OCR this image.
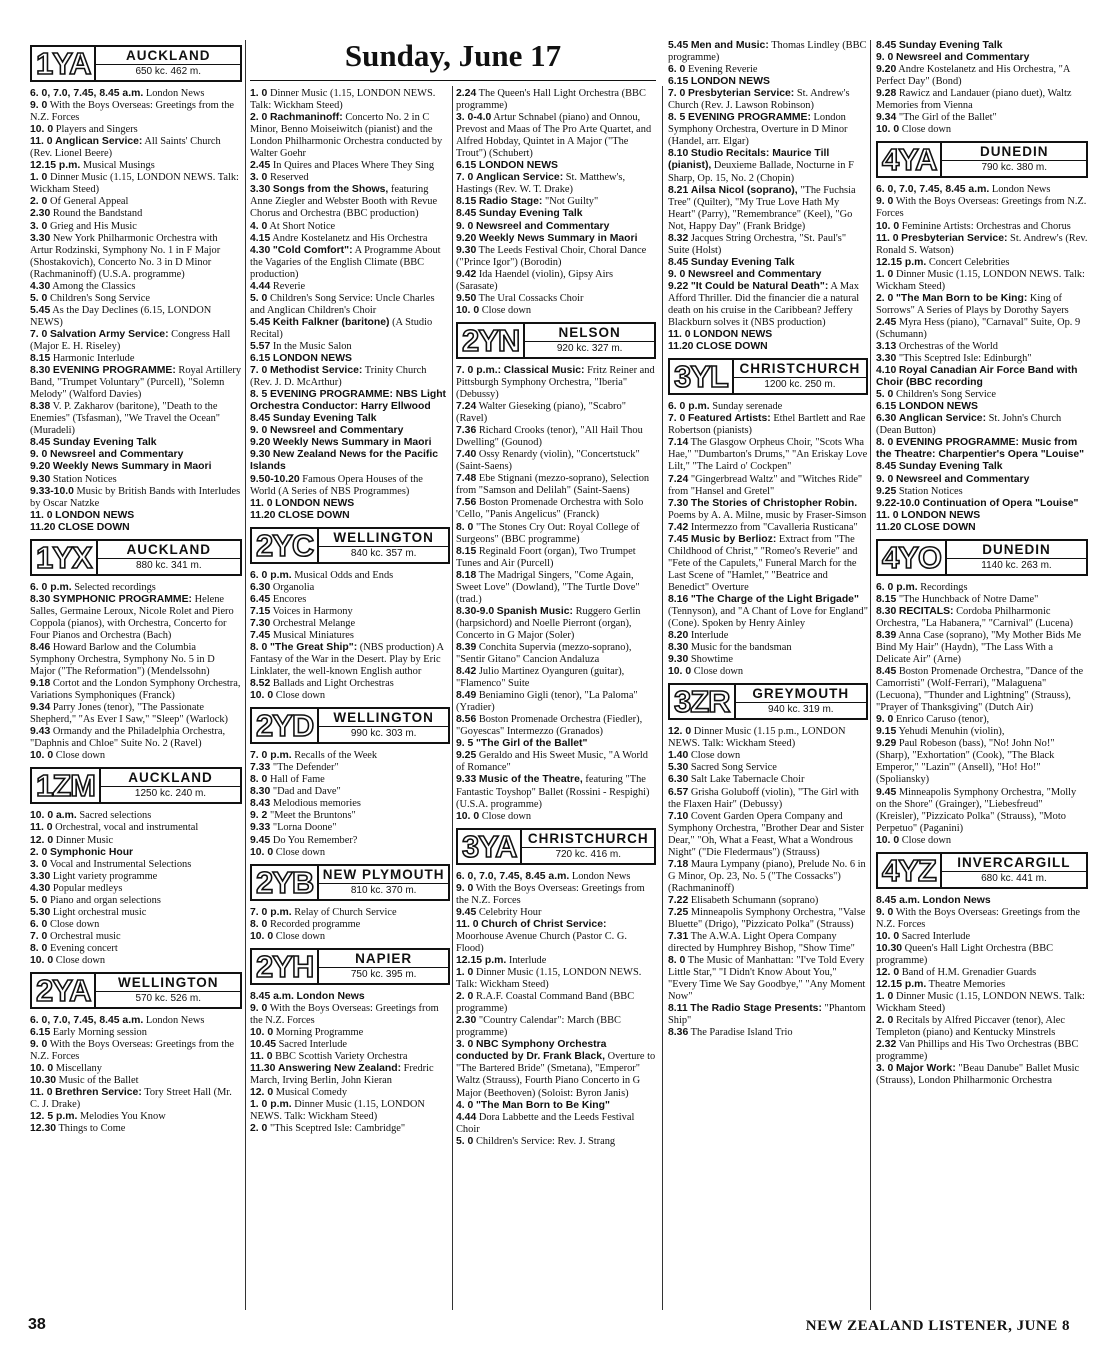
Sunday, June 17
1YA	AUCKLAND
650 kc. 462 m.

6. 0, 7.0, 7.45, 8.45 a.m. London News

9. 0 With the Boys Overseas: Greetings from the N.Z. Forces

10. 0 Players and Singers

11. 0 Anglican Service: All Saints' Church (Rev. Lionel Beere)

12.15 p.m. Musical Musings

1. 0 Dinner Music (1.15, LONDON NEWS. Talk: Wickham Steed)

2. 0 Of General Appeal

2.30 Round the Bandstand

3. 0 Grieg and His Music

3.30 New York Philharmonic Orchestra with Artur Rodzinski, Symphony No. 1 in F Major (Shostakovich), Concerto No. 3 in D Minor (Rachmaninoff) (U.S.A. programme)

4.30 Among the Classics

5. 0 Children's Song Service

5.45 As the Day Declines (6.15, LONDON NEWS)

7. 0 Salvation Army Service: Congress Hall (Major E. H. Riseley)

8.15 Harmonic Interlude

8.30 EVENING PROGRAMME: Royal Artillery Band, "Trumpet Voluntary" (Purcell), "Solemn Melody" (Walford Davies)

8.38 V. P. Zakharov (baritone), "Death to the Enemies" (Tsfasman), "We Travel the Ocean" (Muradeli)

8.45 Sunday Evening Talk

9. 0 Newsreel and Commentary

9.20 Weekly News Summary in Maori

9.30 Station Notices

9.33-10.0 Music by British Bands with Interludes by Oscar Natzke

11. 0 LONDON NEWS

11.20 CLOSE DOWN

1YX	AUCKLAND
880 kc. 341 m.

6. 0 p.m. Selected recordings

8.30 SYMPHONIC PROGRAMME: Helene Salles, Germaine Leroux, Nicole Rolet and Piero Coppola (pianos), with Orchestra, Concerto for Four Pianos and Orchestra (Bach)

8.46 Howard Barlow and the Columbia Symphony Orchestra, Symphony No. 5 in D Major ("The Reformation") (Mendelssohn)

9.18 Cortot and the London Symphony Orchestra, Variations Symphoniques (Franck)

9.34 Parry Jones (tenor), "The Passionate Shepherd," "As Ever I Saw," "Sleep" (Warlock)

9.43 Ormandy and the Philadelphia Orchestra, "Daphnis and Chloe" Suite No. 2 (Ravel)

10. 0 Close down

1ZM	AUCKLAND
1250 kc. 240 m.

10. 0 a.m. Sacred selections

11. 0 Orchestral, vocal and instrumental

12. 0 Dinner Music

2. 0 Symphonic Hour

3. 0 Vocal and Instrumental Selections

3.30 Light variety programme

4.30 Popular medleys

5. 0 Piano and organ selections

5.30 Light orchestral music

6. 0 Close down

7. 0 Orchestral music

8. 0 Evening concert

10. 0 Close down

2YA	WELLINGTON
570 kc. 526 m.

6. 0, 7.0, 7.45, 8.45 a.m. London News

6.15 Early Morning session

9. 0 With the Boys Overseas: Greetings from the N.Z. Forces

10. 0 Miscellany

10.30 Music of the Ballet

11. 0 Brethren Service: Tory Street Hall (Mr. C. J. Drake)

12. 5 p.m. Melodies You Know

12.30 Things to Come

1. 0 Dinner Music (1.15, LONDON NEWS. Talk: Wickham Steed)

2. 0 Rachmaninoff: Concerto No. 2 in C Minor, Benno Moiseiwitch (pianist) and the London Philharmonic Orchestra conducted by Walter Goehr

2.45 In Quires and Places Where They Sing

3. 0 Reserved

3.30 Songs from the Shows, featuring Anne Ziegler and Webster Booth with Revue Chorus and Orchestra (BBC production)

4. 0 At Short Notice

4.15 Andre Kostelanetz and His Orchestra

4.30 "Cold Comfort": A Programme About the Vagaries of the English Climate (BBC production)

4.44 Reverie

5. 0 Children's Song Service: Uncle Charles and Anglican Children's Choir

5.45 Keith Falkner (baritone) (A Studio Recital)

5.57 In the Music Salon

6.15 LONDON NEWS

7. 0 Methodist Service: Trinity Church (Rev. J. D. McArthur)

8. 5 EVENING PROGRAMME: NBS Light Orchestra Conductor: Harry Ellwood

8.45 Sunday Evening Talk

9. 0 Newsreel and Commentary

9.20 Weekly News Summary in Maori

9.30 New Zealand News for the Pacific Islands

9.50-10.20 Famous Opera Houses of the World (A Series of NBS Programmes)

11. 0 LONDON NEWS

11.20 CLOSE DOWN

2YC	WELLINGTON
840 kc. 357 m.

6. 0 p.m. Musical Odds and Ends

6.30 Organolia

6.45 Encores

7.15 Voices in Harmony

7.30 Orchestral Melange

7.45 Musical Miniatures

8. 0 "The Great Ship": (NBS production) A Fantasy of the War in the Desert. Play by Eric Linklater, the well-known English author

8.52 Ballads and Light Orchestras

10. 0 Close down

2YD	WELLINGTON
990 kc. 303 m.

7. 0 p.m. Recalls of the Week

7.33 "The Defender"

8. 0 Hall of Fame

8.30 "Dad and Dave"

8.43 Melodious memories

9. 2 "Meet the Bruntons"

9.33 "Lorna Doone"

9.45 Do You Remember?

10. 0 Close down

2YB NEW PLYMOUTH
810 kc. 370 m.

7. 0 p.m. Relay of Church Service

8. 0 Recorded programme

10. 0 Close down

2YH	NAPIER
750 kc. 395 m.

8.45 a.m. London News

9. 0 With the Boys Overseas: Greetings from the N.Z. Forces

10. 0 Morning Programme

10.45 Sacred Interlude

11. 0 BBC Scottish Variety Orchestra

11.30 Answering New Zealand: Fredric March, Irving Berlin, John Kieran

12. 0 Musical Comedy

1. 0 p.m. Dinner Music (1.15, LONDON NEWS. Talk: Wickham Steed)

2. 0 "This Sceptred Isle: Cambridge"

2.24 The Queen's Hall Light Orchestra (BBC programme)

3. 0-4.0 Artur Schnabel (piano) and Onnou, Prevost and Maas of The Pro Arte Quartet, and Alfred Hobday, Quintet in A Major ("The Trout") (Schubert)

6.15 LONDON NEWS

7. 0 Anglican Service: St. Matthew's, Hastings (Rev. W. T. Drake)

8.15 Radio Stage: "Not Guilty"

8.45 Sunday Evening Talk

9. 0 Newsreel and Commentary

9.20 Weekly News Summary in Maori

9.30 The Leeds Festival Choir, Choral Dance ("Prince Igor") (Borodin)

9.42 Ida Haendel (violin), Gipsy Airs (Sarasate)

9.50 The Ural Cossacks Choir

10. 0 Close down

2YN	NELSON
920 kc. 327 m.

7. 0 p.m.: Classical Music: Fritz Reiner and Pittsburgh Symphony Orchestra, "Iberia" (Debussy)

7.24 Walter Gieseking (piano), "Scabro" (Ravel)

7.36 Richard Crooks (tenor), "All Hail Thou Dwelling" (Gounod)

7.40 Ossy Renardy (violin), "Concertstuck" (Saint-Saens)

7.48 Ebe Stignani (mezzo-soprano), Selection from "Samson and Delilah" (Saint-Saens)

7.56 Boston Promenade Orchestra with Solo 'Cello, "Panis Angelicus" (Franck)

8. 0 "The Stones Cry Out: Royal College of Surgeons" (BBC programme)

8.15 Reginald Foort (organ), Two Trumpet Tunes and Air (Purcell)

8.18 The Madrigal Singers, "Come Again, Sweet Love" (Dowland), "The Turtle Dove" (trad.)

8.30-9.0 Spanish Music: Ruggero Gerlin (harpsichord) and Noelle Pierront (organ), Concerto in G Major (Soler)

8.39 Conchita Supervia (mezzo-soprano), "Sentir Gitano" Cancion Andaluza

8.42 Julio Martinez Oyanguren (guitar), "Flamenco" Suite

8.49 Beniamino Gigli (tenor), "La Paloma" (Yradier)

8.56 Boston Promenade Orchestra (Fiedler), "Goyescas" Intermezzo (Granados)

9. 5 "The Girl of the Ballet"

9.25 Geraldo and His Sweet Music, "A World of Romance"

9.33 Music of the Theatre, featuring "The Fantastic Toyshop" Ballet (Rossini - Respighi) (U.S.A. programme)

10. 0 Close down

3YA CHRISTCHURCH
720 kc. 416 m.

6. 0, 7.0, 7.45, 8.45 a.m. London News

9. 0 With the Boys Overseas: Greetings from the N.Z. Forces

9.45 Celebrity Hour

11. 0 Church of Christ Service: Moorhouse Avenue Church (Pastor C. G. Flood)

12.15 p.m. Interlude

1. 0 Dinner Music (1.15, LONDON NEWS. Talk: Wickham Steed)

2. 0 R.A.F. Coastal Command Band (BBC programme)

2.30 "Country Calendar": March (BBC programme)

3. 0 NBC Symphony Orchestra conducted by Dr. Frank Black, Overture to "The Bartered Bride" (Smetana), "Emperor" Waltz (Strauss), Fourth Piano Concerto in G Major (Beethoven) (Soloist: Byron Janis)

4. 0 "The Man Born to Be King"

4.44 Dora Labbette and the Leeds Festival Choir

5. 0 Children's Service: Rev. J. Strang

5.45 Men and Music: Thomas Lindley (BBC programme)

6. 0 Evening Reverie

6.15 LONDON NEWS

7. 0 Presbyterian Service: St. Andrew's Church (Rev. J. Lawson Robinson)

8. 5 EVENING PROGRAMME: London Symphony Orchestra, Overture in D Minor (Handel, arr. Elgar)

8.10 Studio Recitals: Maurice Till (pianist), Deuxieme Ballade, Nocturne in F Sharp, Op. 15, No. 2 (Chopin)

8.21 Ailsa Nicol (soprano), "The Fuchsia Tree" (Quilter), "My True Love Hath My Heart" (Parry), "Remembrance" (Keel), "Go Not, Happy Day" (Frank Bridge)

8.32 Jacques String Orchestra, "St. Paul's" Suite (Holst)

8.45 Sunday Evening Talk

9. 0 Newsreel and Commentary

9.22 "It Could be Natural Death": A Max Afford Thriller. Did the financier die a natural death on his cruise in the Caribbean? Jeffery Blackburn solves it (NBS production)

11. 0 LONDON NEWS

11.20 CLOSE DOWN

3YL CHRISTCHURCH
1200 kc. 250 m.

6. 0 p.m. Sunday serenade

7. 0 Featured Artists: Ethel Bartlett and Rae Robertson (pianists)

7.14 The Glasgow Orpheus Choir, "Scots Wha Hae," "Dumbarton's Drums," "An Eriskay Love Lilt," "The Laird o' Cockpen"

7.24 "Gingerbread Waltz" and "Witches Ride" from "Hansel and Gretel"

7.30 The Stories of Christopher Robin. Poems by A. A. Milne, music by Fraser-Simson

7.42 Intermezzo from "Cavalleria Rusticana"

7.45 Music by Berlioz: Extract from "The Childhood of Christ," "Romeo's Reverie" and "Fete of the Capulets," Funeral March for the Last Scene of "Hamlet," "Beatrice and Benedict" Overture

8.16 "The Charge of the Light Brigade" (Tennyson), and "A Chant of Love for England" (Cone). Spoken by Henry Ainley

8.20 Interlude

8.30 Music for the bandsman

9.30 Showtime

10. 0 Close down

3ZR	GREYMOUTH
940 kc. 319 m.

12. 0 Dinner Music (1.15 p.m., LONDON NEWS. Talk: Wickham Steed)

1.40 Close down

5.30 Sacred Song Service

6.30 Salt Lake Tabernacle Choir

6.57 Grisha Goluboff (violin), "The Girl with the Flaxen Hair" (Debussy)

7.10 Covent Garden Opera Company and Symphony Orchestra, "Brother Dear and Sister Dear," "Oh, What a Feast, What a Wondrous Night" ("Die Fledermaus") (Strauss)

7.18 Maura Lympany (piano), Prelude No. 6 in G Minor, Op. 23, No. 5 ("The Cossacks") (Rachmaninoff)

7.22 Elisabeth Schumann (soprano)

7.25 Minneapolis Symphony Orchestra, "Valse Bluette" (Drigo), "Pizzicato Polka" (Strauss)

7.31 The A.W.A. Light Opera Company directed by Humphrey Bishop, "Show Time"

8. 0 The Music of Manhattan: "I've Told Every Little Star," "I Didn't Know About You," "Every Time We Say Goodbye," "Any Moment Now"

8.11 The Radio Stage Presents: "Phantom Ship"

8.36 The Paradise Island Trio

8.45 Sunday Evening Talk

9. 0 Newsreel and Commentary

9.20 Andre Kostelanetz and His Orchestra, "A Perfect Day" (Bond)

9.28 Rawicz and Landauer (piano duet), Waltz Memories from Vienna

9.34 "The Girl of the Ballet"

10. 0 Close down

4YA	DUNEDIN
790 kc. 380 m.

6. 0, 7.0, 7.45, 8.45 a.m. London News

9. 0 With the Boys Overseas: Greetings from N.Z. Forces

10. 0 Feminine Artists: Orchestras and Chorus

11. 0 Presbyterian Service: St. Andrew's (Rev. Ronald S. Watson)

12.15 p.m. Concert Celebrities

1. 0 Dinner Music (1.15, LONDON NEWS. Talk: Wickham Steed)

2. 0 "The Man Born to be King: King of Sorrows" A Series of Plays by Dorothy Sayers

2.45 Myra Hess (piano), "Carnaval" Suite, Op. 9 (Schumann)

3.13 Orchestras of the World

3.30 "This Sceptred Isle: Edinburgh"

4.10 Royal Canadian Air Force Band with Choir (BBC recording

5. 0 Children's Song Service

6.15 LONDON NEWS

6.30 Anglican Service: St. John's Church (Dean Button)

8. 0 EVENING PROGRAMME: Music from the Theatre: Charpentier's Opera "Louise"

8.45 Sunday Evening Talk

9. 0 Newsreel and Commentary

9.25 Station Notices

9.22-10.0 Continuation of Opera "Louise"

11. 0 LONDON NEWS

11.20 CLOSE DOWN

4YO	DUNEDIN
1140 kc. 263 m.

6. 0 p.m. Recordings

8.15 "The Hunchback of Notre Dame"

8.30 RECITALS: Cordoba Philharmonic Orchestra, "La Habanera," "Carnival" (Lucena)

8.39 Anna Case (soprano), "My Mother Bids Me Bind My Hair" (Haydn), "The Lass With a Delicate Air" (Arne)

8.45 Boston Promenade Orchestra, "Dance of the Camorristi" (Wolf-Ferrari), "Malaguena" (Lecuona), "Thunder and Lightning" (Strauss), "Prayer of Thanksgiving" (Dutch Air)

9. 0 Enrico Caruso (tenor),

9.15 Yehudi Menuhin (violin),

9.29 Paul Robeson (bass), "No! John No!" (Sharp), "Exhortation" (Cook), "The Black Emperor," "Lazin'" (Ansell), "Ho! Ho!" (Spoliansky)

9.45 Minneapolis Symphony Orchestra, "Molly on the Shore" (Grainger), "Liebesfreud" (Kreisler), "Pizzicato Polka" (Strauss), "Moto Perpetuo" (Paganini)

10. 0 Close down

4YZ	INVERCARGILL
680 kc. 441 m.

8.45 a.m. London News

9. 0 With the Boys Overseas: Greetings from the N.Z. Forces

10. 0 Sacred Interlude

10.30 Queen's Hall Light Orchestra (BBC programme)

12. 0 Band of H.M. Grenadier Guards

12.15 p.m. Theatre Memories

1. 0 Dinner Music (1.15, LONDON NEWS. Talk: Wickham Steed)

2. 0 Recitals by Alfred Piccaver (tenor), Alec Templeton (piano) and Kentucky Minstrels

2.32 Van Phillips and His Two Orchestras (BBC programme)

3. 0 Major Work: "Beau Danube" Ballet Music (Strauss), London Philharmonic Orchestra

38	NEW ZEALAND LISTENER, JUNE 8
